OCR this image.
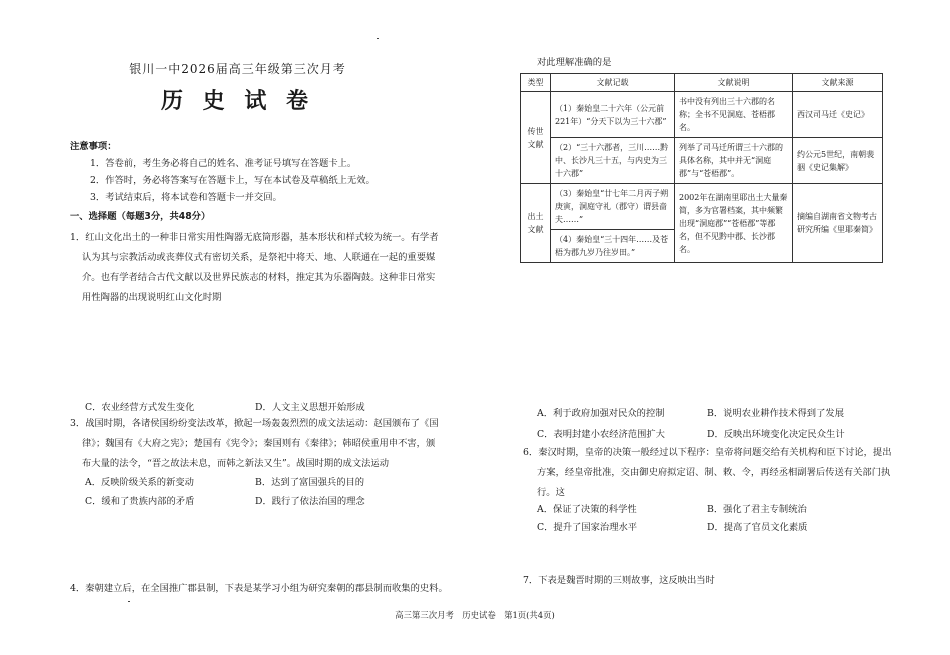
银川一中2026届高三年级第三次月考
历 史 试 卷
注意事项：
1．答卷前，考生务必将自己的姓名、准考证号填写在答题卡上。
2．作答时，务必将答案写在答题卡上，写在本试卷及草稿纸上无效。
3．考试结束后，将本试卷和答题卡一并交回。
一、选择题（每题3分，共48分）
1．红山文化出土的一种非日常实用性陶器无底筒形器，基本形状和样式较为统一。有学者
认为其与宗教活动或丧葬仪式有密切关系，是祭祀中将天、地、人联通在一起的重要媒
介。也有学者结合古代文献以及世界民族志的材料，推定其为乐器陶鼓。这种非日常实
用性陶器的出现说明红山文化时期
C．农业经营方式发生变化	D．人文主义思想开始形成
3．战国时期，各诸侯国纷纷变法改革，掀起一场轰轰烈烈的成文法运动：赵国颁布了《国
律》；魏国有《大府之宪》；楚国有《宪令》；秦国则有《秦律》；韩昭侯重用申不害，颁
布大量的法令，“晋之故法未息，而韩之新法又生”。战国时期的成文法运动
A．反映阶级关系的新变动	B．达到了富国强兵的目的
C．缓和了贵族内部的矛盾	D．践行了依法治国的理念
4．秦朝建立后，在全国推广郡县制，下表是某学习小组为研究秦朝的郡县制而收集的史料。
对此理解准确的是
类型	文献记载	文献说明	文献来源
传世文献	（1）秦始皇二十六年（公元前221年）“分天下以为三十六郡”	书中没有列出三十六郡的名称；全书不见洞庭、苍梧郡名。	西汉司马迁《史记》
	（2）“三十六郡者，三川……黔中、长沙凡三十五，与内史为三十六郡”	列举了司马迁所谓三十六郡的具体名称，其中并无“洞庭郡”与“苍梧郡”。	约公元5世纪，南朝裴骃《史记集解》
出土文献	（3）秦始皇“廿七年二月丙子朔庚寅，洞庭守礼（郡守）谓县啬夫……”	2002年在湖南里耶出土大量秦简，多为官署档案，其中频繁出现“洞庭郡”“苍梧郡”等郡名，但不见黔中郡、长沙郡名。	摘编自湖南省文物考古研究所编《里耶秦简》
	（4）秦始皇“三十四年……及苍梧为郡九岁乃往岁田。”		
A．利于政府加强对民众的控制	B．说明农业耕作技术得到了发展
C．表明封建小农经济范围扩大	D．反映出环境变化决定民众生计
6．秦汉时期，皇帝的决策一般经过以下程序：皇帝将问题交给有关机构和臣下讨论，提出
方案，经皇帝批准，交由御史府拟定诏、制、敕、令，再经丞相副署后传送有关部门执
行。这
A．保证了决策的科学性	B．强化了君主专制统治
C．提升了国家治理水平	D．提高了官员文化素质
7．下表是魏晋时期的三则故事，这反映出当时
高三第三次月考　历史试卷　第1页(共4页)
